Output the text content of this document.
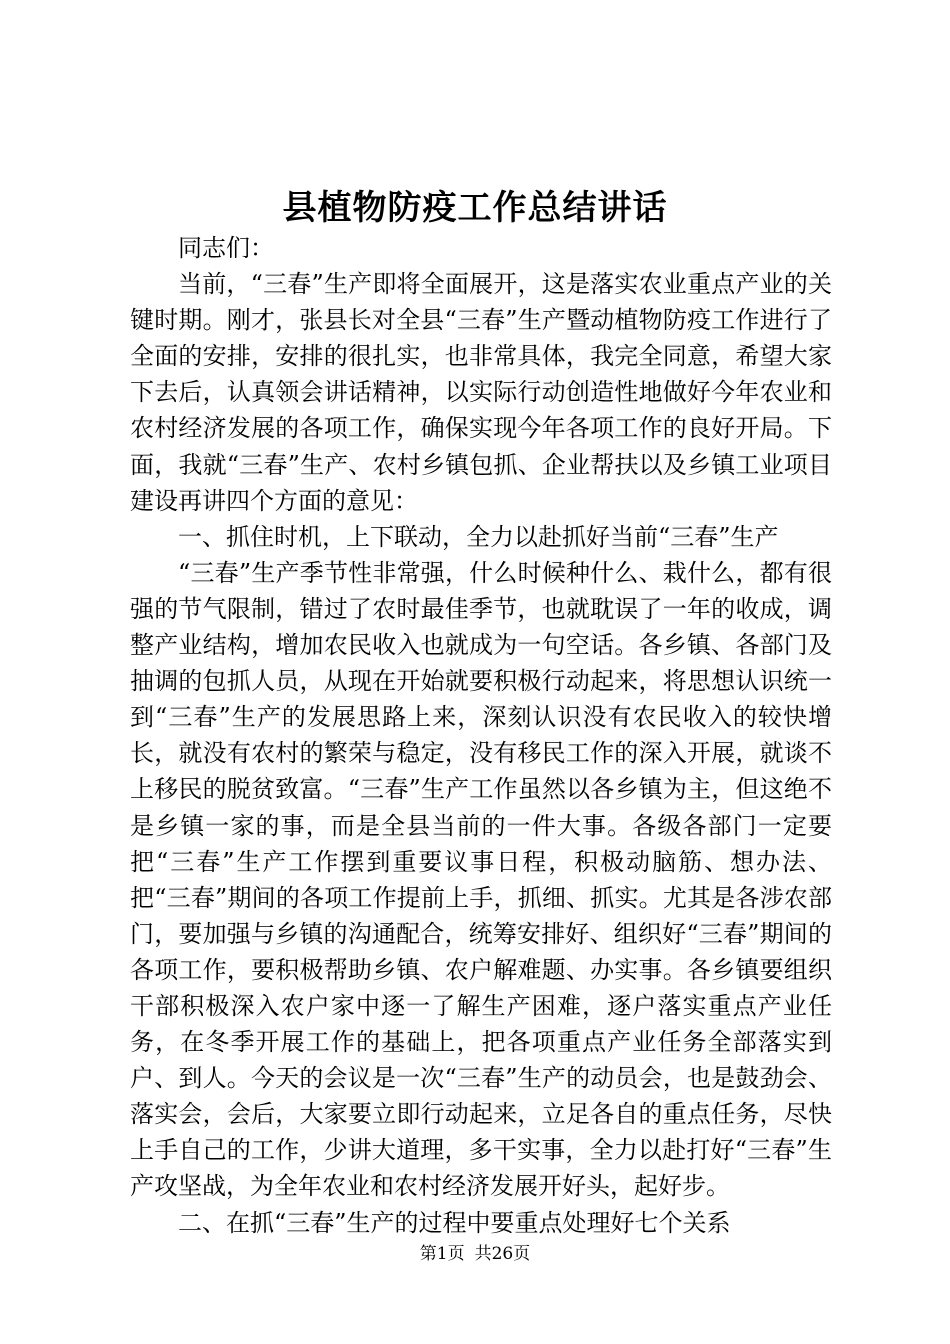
县植物防疫工作总结讲话

同志们：

当前，“三春”生产即将全面展开，这是落实农业重点产业的关键时期。刚才，张县长对全县“三春”生产暨动植物防疫工作进行了全面的安排，安排的很扎实，也非常具体，我完全同意，希望大家下去后，认真领会讲话精神，以实际行动创造性地做好今年农业和农村经济发展的各项工作，确保实现今年各项工作的良好开局。下面，我就“三春”生产、农村乡镇包抓、企业帮扶以及乡镇工业项目建设再讲四个方面的意见：

一、抓住时机，上下联动，全力以赴抓好当前“三春”生产

“三春”生产季节性非常强，什么时候种什么、栽什么，都有很强的节气限制，错过了农时最佳季节，也就耽误了一年的收成，调整产业结构，增加农民收入也就成为一句空话。各乡镇、各部门及抽调的包抓人员，从现在开始就要积极行动起来，将思想认识统一到“三春”生产的发展思路上来，深刻认识没有农民收入的较快增长，就没有农村的繁荣与稳定，没有移民工作的深入开展，就谈不上移民的脱贫致富。“三春”生产工作虽然以各乡镇为主，但这绝不是乡镇一家的事，而是全县当前的一件大事。各级各部门一定要把“三春”生产工作摆到重要议事日程，积极动脑筋、想办法、把“三春”期间的各项工作提前上手，抓细、抓实。尤其是各涉农部门，要加强与乡镇的沟通配合，统筹安排好、组织好“三春”期间的各项工作，要积极帮助乡镇、农户解难题、办实事。各乡镇要组织干部积极深入农户家中逐一了解生产困难，逐户落实重点产业任务，在冬季开展工作的基础上，把各项重点产业任务全部落实到户、到人。今天的会议是一次“三春”生产的动员会，也是鼓劲会、落实会，会后，大家要立即行动起来，立足各自的重点任务，尽快上手自己的工作，少讲大道理，多干实事，全力以赴打好“三春”生产攻坚战，为全年农业和农村经济发展开好头，起好步。

二、在抓“三春”生产的过程中要重点处理好七个关系

第1页 共26页
